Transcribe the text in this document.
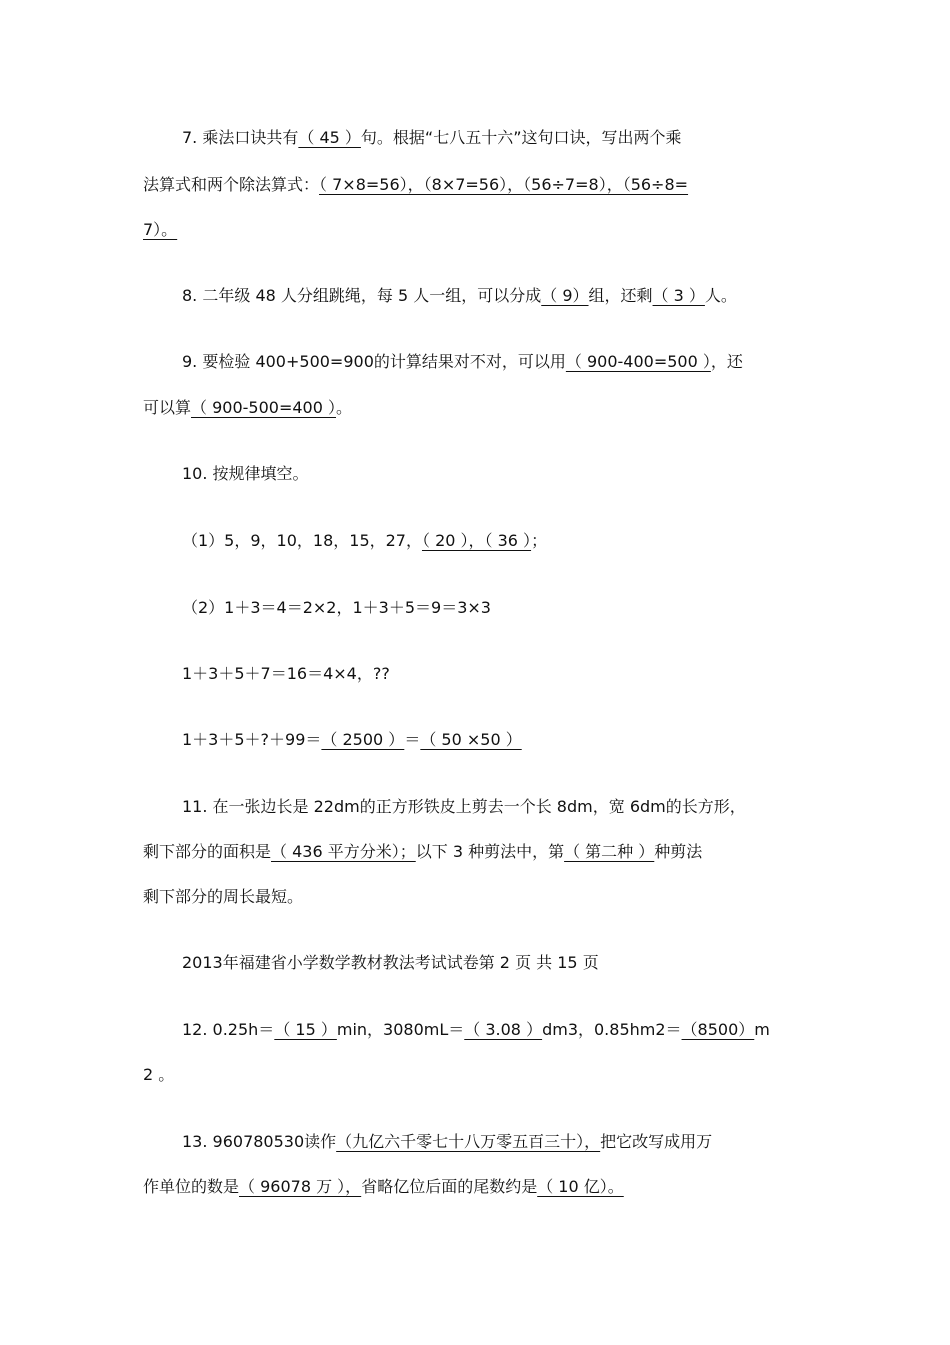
7. 乘法口诀共有（ 45 ）句。根据“七八五十六”这句口诀，写出两个乘
法算式和两个除法算式：（ 7×8=56），（8×7=56），（56÷7=8），（56÷8=
7）。
8. 二年级 48 人分组跳绳，每 5 人一组，可以分成（ 9）组，还剩（ 3 ）人。
9. 要检验 400+500=900的计算结果对不对，可以用（ 900-400=500 ），还
可以算（ 900-500=400 ）。
10. 按规律填空。
（1）5，9，10，18，15，27，（ 20 ），（ 36 ）；
（2）1＋3＝4＝2×2，1＋3＋5＝9＝3×3
1＋3＋5＋7＝16＝4×4，??
1＋3＋5＋?＋99＝（ 2500 ）＝（ 50 ×50 ）
11. 在一张边长是 22dm的正方形铁皮上剪去一个长 8dm，宽 6dm的长方形，
剩下部分的面积是（ 436 平方分米）；以下 3 种剪法中，第（ 第二种 ）种剪法
剩下部分的周长最短。
2013年福建省小学数学教材教法考试试卷第 2 页 共 15 页
12. 0.25h＝（ 15 ）min，3080mL＝（ 3.08 ）dm3，0.85hm2＝（8500）m
2 。
13. 960780530读作（九亿六千零七十八万零五百三十），把它改写成用万
作单位的数是（ 96078 万 ），省略亿位后面的尾数约是（ 10 亿）。
